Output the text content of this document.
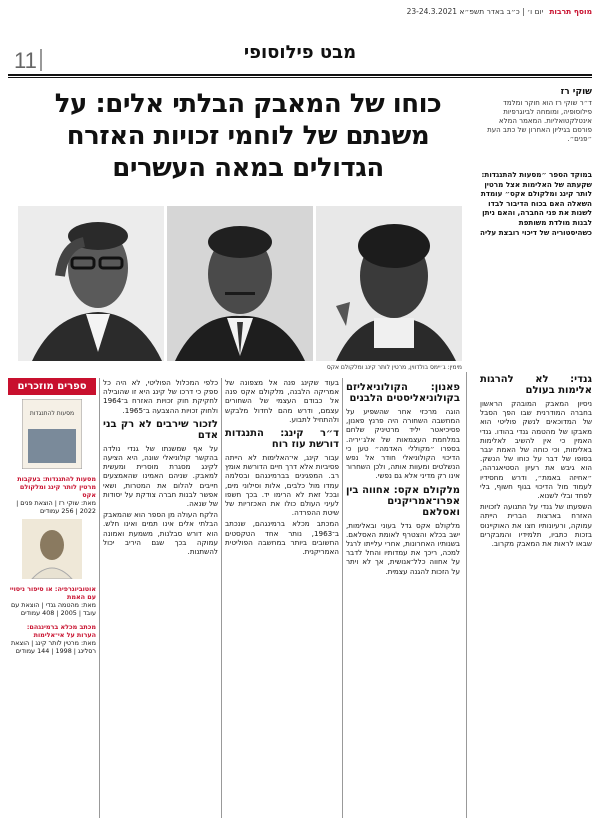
מוסף תרבות
יום ו׳ | כ״ב באדר תשפ״א 23-24.3.2021
11	מבט פילוסופי
כוחו של המאבק הבלתי אלים: על משנתם של לוחמי זכויות האזרח הגדולים במאה העשרים
שוקי רז
ד״ר שוקי רז הוא חוקר ומלמד פילוסופיה, ומומחה לביוגרפיות אינטלקטואליות. המאמר המלא פורסם בגיליון האחרון של כתב העת ״פנים״.
במוקד הספר ״מסעות להתנגדות: שקעתה של האלימות אצל מרטין לותר קינג ומלקולם אקס״ עומדת השאלה האם בכוח הדיבור לבדו לשנות את פני החברה, והאם ניתן לבנות מולדת משותפת כשהיסטוריה של דיכוי רובצת עליה
מימין: ג׳יימס בולדווין, מרטין לותר קינג ומלקולם אקס
גנדי: לא להרגות אלימות בעולם

ניסיון המאבק המובהק הראשון בחברה המודרנית שבו הפך הסבל של המדוכאים לנשק פוליטי הוא מאבקו של מהטמה גנדי בהודו. גנדי האמין כי אין להשיב לאלימות באלימות, וכי כוחה של האמת יגבר בסופו של דבר על כוחו של הנשק. הוא גיבש את רעיון הסטיאגרהה, ״אחיזה באמת״, ודרש מחסידיו לעמוד מול הדיכוי בגוף חשוף, בלי לפחד ובלי לשנוא.

השפעתו של גנדי על התנועה לזכויות האזרח בארצות הברית הייתה עמוקה, ורעיונותיו חצו את האוקיינוס בזכות כתביו, תלמידיו והמבקרים שבאו לראות את המאבק מקרוב.

פאנון: הקולוניאליזם בקולוניאליסטים הלבנים

הוגה מרכזי אחר שהשפיע על המחשבה השחורה היה פרנץ פאנון, פסיכיאטר יליד מרטיניק שלחם במלחמת העצמאות של אלג׳יריה. בספרו ״מקוללי האדמה״ טען כי הדיכוי הקולוניאלי חודר אל נפש הנשלטים ומעוות אותה, ולכן השחרור אינו רק מדיני אלא גם נפשי.

מלקולם אקס: אחווה בין אפרו־אמריקנים ואסלאם

מלקולם אקס גדל בעוני ובאלימות, ישב בכלא והצטרף לאומת האסלאם. בשנותיו האחרונות, אחרי עלייתו לרגל למכה, ריכך את עמדותיו והחל לדבר על אחווה כלל־אנושית, אך לא ויתר על הזכות להגנה עצמית.

בעוד שקינג פנה אל מצפונה של אמריקה הלבנה, מלקולם אקס פנה אל כבודם העצמי של השחורים עצמם, ודרש מהם לחדול מלבקש ולהתחיל לתבוע.

ד״ר קינג: התנגדות דורשת עוז רוח

עבור קינג, אי־האלימות לא הייתה פסיביות אלא דרך חיים הדורשת אומץ רב. המפגינים בברמינגהם ובסלמה עמדו מול כלבים, אלות וסילוני מים, ובכל זאת לא הרימו יד. בכך חשפו לעיני העולם כולו את האכזריות של שיטת ההפרדה.

המכתב מכלא ברמינגהם, שנכתב ב־1963, נותר אחד הטקסטים החשובים ביותר במחשבה הפוליטית האמריקנית.

כלפי המכלול הפוליטי, לא היה כל ספק כי דרכו של קינג היא זו שהובילה לחקיקת חוק זכויות האזרח ב־1964 ולחוק זכויות ההצבעה ב־1965.

לזכור שירבים לא רק בני אדם

על אף שמשנתו של גנדי נולדה בהקשר קולוניאלי שונה, היא הציעה לקינג מסגרת מוסרית ומעשית למאבק. שניהם האמינו שהאמצעים חייבים להלום את המטרות, ושאי אפשר לבנות חברה צודקת על יסודות של שנאה.

הלקח העולה מן הספר הוא שהמאבק הבלתי אלים אינו תמים ואינו חלש. הוא דורש סבלנות, משמעת ואמונה עמוקה בכך שגם היריב יכול להשתנות.

ספרים מוזכרים
מסעות להתנגדות
מסעות להתנגדות: בעקבות מרטין לותר קינג ומלקולם אקס
מאת: שוקי רז | הוצאת פנים | 2022 | 256 עמודים
אוטוביוגרפיה: או סיפור ניסויי עם האמת
מאת: מהטמה גנדי | הוצאת עם עובד | 2005 | 408 עמודים
מכתב מכלא ברמינגהם: הערות על אי־אלימות
מאת: מרטין לותר קינג | הוצאת רסלינג | 1998 | 144 עמודים
